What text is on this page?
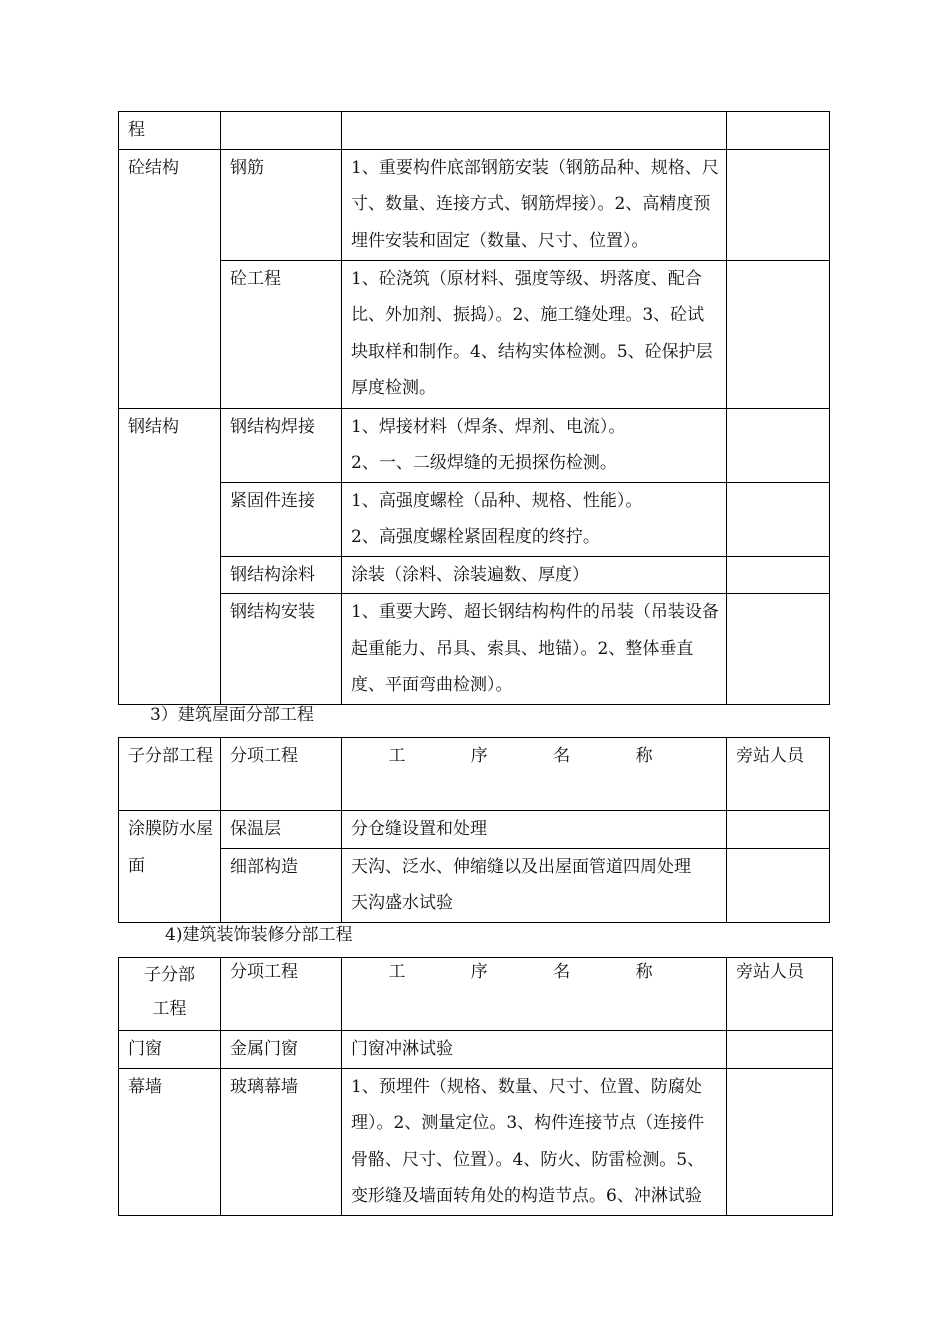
程			
砼结构	钢筋	1、重要构件底部钢筋安装（钢筋品种、规格、尺寸、数量、连接方式、钢筋焊接）。2、高精度预埋件安装和固定（数量、尺寸、位置）。	
	砼工程	1、砼浇筑（原材料、强度等级、坍落度、配合比、外加剂、振捣）。2、施工缝处理。3、砼试块取样和制作。4、结构实体检测。5、砼保护层厚度检测。	
钢结构	钢结构焊接	1、焊接材料（焊条、焊剂、电流）。
2、一、二级焊缝的无损探伤检测。	

	紧固件连接	1、高强度螺栓（品种、规格、性能）。
2、高强度螺栓紧固程度的终拧。	

	钢结构涂料	涂装（涂料、涂装遍数、厚度）	
	钢结构安装	1、重要大跨、超长钢结构构件的吊装（吊装设备起重能力、吊具、索具、地锚）。2、整体垂直度、平面弯曲检测）。	
3）建筑屋面分部工程
子分部工程	分项工程	工 序 名 称	旁站人员
涂膜防水屋面	保温层	分仓缝设置和处理	
	细部构造	天沟、泛水、伸缩缝以及出屋面管道四周处理
天沟盛水试验	

4)建筑装饰装修分部工程
子分部
工程	分项工程	工 序 名 称	旁站人员
门窗	金属门窗	门窗冲淋试验	
幕墙	玻璃幕墙	1、预埋件（规格、数量、尺寸、位置、防腐处理）。2、测量定位。3、构件连接节点（连接件骨骼、尺寸、位置）。4、防火、防雷检测。5、变形缝及墙面转角处的构造节点。6、冲淋试验	
